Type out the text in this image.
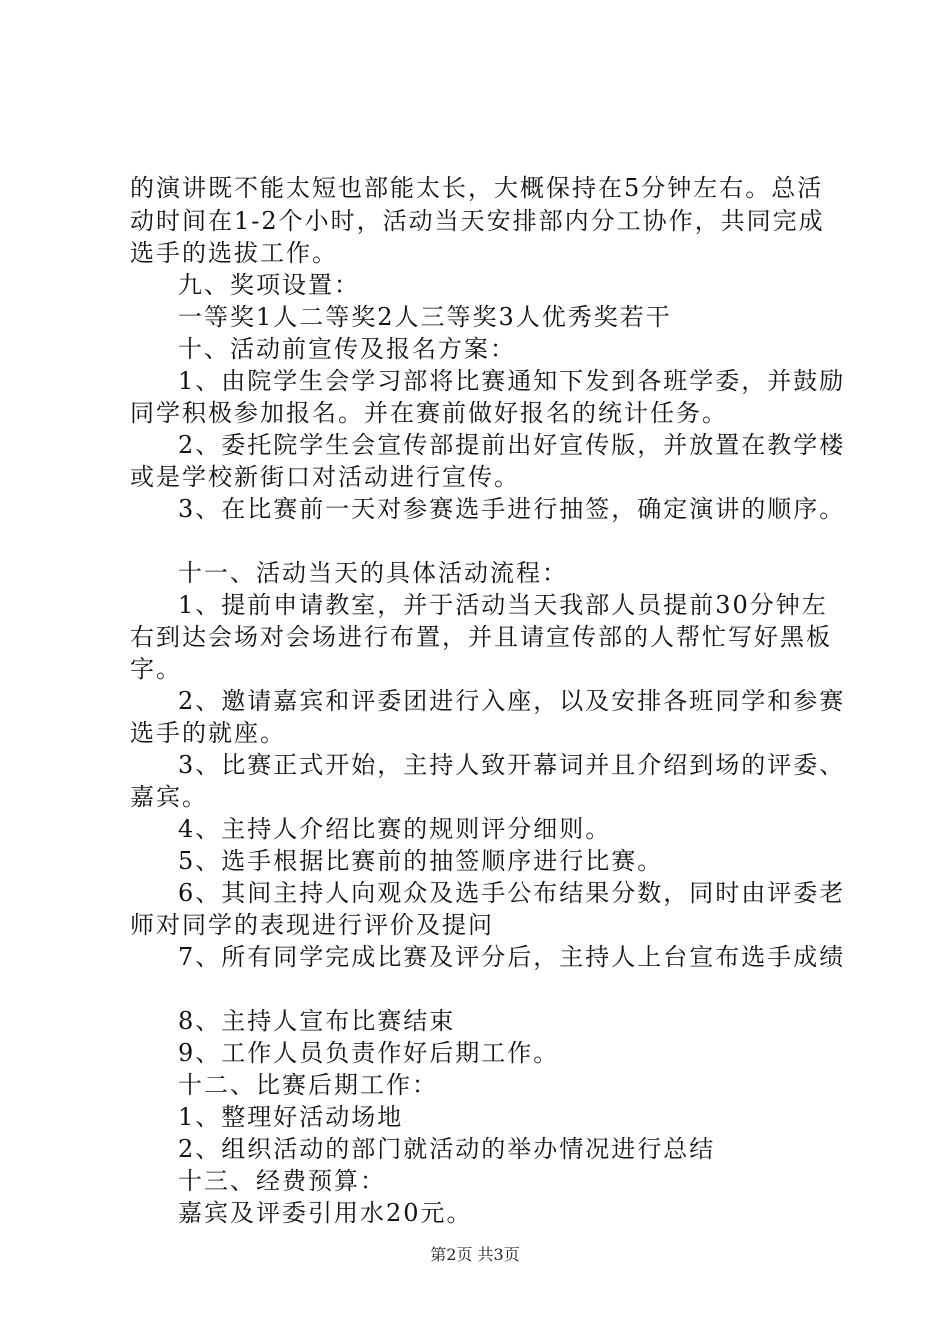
的演讲既不能太短也部能太长，大概保持在5分钟左右。总活
动时间在1-2个小时，活动当天安排部内分工协作，共同完成
选手的选拔工作。
九、奖项设置：
一等奖1人二等奖2人三等奖3人优秀奖若干
十、活动前宣传及报名方案：
1、由院学生会学习部将比赛通知下发到各班学委，并鼓励
同学积极参加报名。并在赛前做好报名的统计任务。
2、委托院学生会宣传部提前出好宣传版，并放置在教学楼
或是学校新街口对活动进行宣传。
3、在比赛前一天对参赛选手进行抽签，确定演讲的顺序。
十一、活动当天的具体活动流程：
1、提前申请教室，并于活动当天我部人员提前30分钟左
右到达会场对会场进行布置，并且请宣传部的人帮忙写好黑板
字。
2、邀请嘉宾和评委团进行入座，以及安排各班同学和参赛
选手的就座。
3、比赛正式开始，主持人致开幕词并且介绍到场的评委、
嘉宾。
4、主持人介绍比赛的规则评分细则。
5、选手根据比赛前的抽签顺序进行比赛。
6、其间主持人向观众及选手公布结果分数，同时由评委老
师对同学的表现进行评价及提问
7、所有同学完成比赛及评分后，主持人上台宣布选手成绩
8、主持人宣布比赛结束
9、工作人员负责作好后期工作。
十二、比赛后期工作：
1、整理好活动场地
2、组织活动的部门就活动的举办情况进行总结
十三、经费预算：
嘉宾及评委引用水20元。
第2页 共3页
